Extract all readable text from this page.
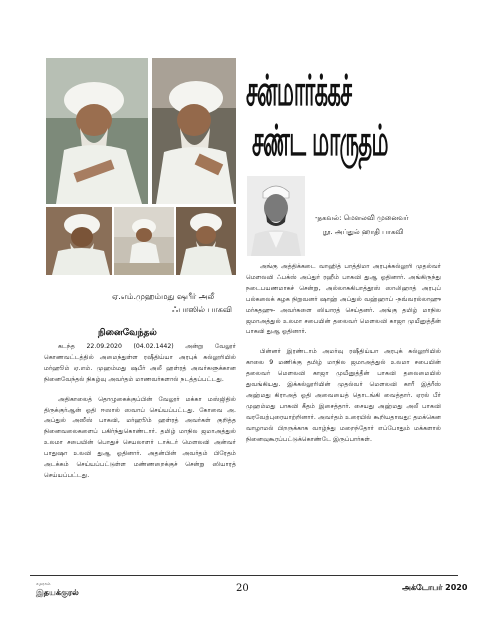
சன்மார்க்கச்
சண்ட மாருதம்
-தகவல்: மௌலவி முனைவர்
நூ. அப்துல் ஹாதி பாகவி
ஏ.எம்.முஹம்மது ஷபீர் அலீ
ஃபாஸில் பாகவி
நினைவேந்தல்

கடந்த 22.09.2020 (04.02.1442) அன்று வேலூர் கொணவட்டத்தில் அமைந்துள்ள ரஷீதிய்யா அரபுக் கல்லூரியில் மர்ஹூம் ஏ.எம். முஹம்மது ஷபீர் அலீ ஹள்ரத் அவர்களுக்கான நினைவேந்தல் நிகழ்வு அவர்தம் மாணவர்களால் நடத்தப்பட்டது.

அதிகாலைத் தொழுகைக்குப்பின் வேலூர் மக்கா மஸ்ஜிதில் திருக்குர்ஆன் ஓதி ஈஸால் ஸவாப் செய்யப்பட்டது. கோவை அ. அப்துல் அஸீஸ் பாகவி, மர்ஹூம் ஹள்ரத் அவர்கள் குறித்த நினைவலைகளைப் பகிர்ந்துகொண்டார். தமிழ் மாநில ஜமாஅத்துல் உலமா சபையின் பொதுச் செயலாளர் டாக்டர் மௌலவி அன்வர் பாதுஷா உலவி துஆ ஓதினார். அதன்பின் அவர்தம் பிரேதம் அடக்கம் செய்யப்பட்டுள்ள மண்ணறைக்குச் சென்று ஸியாரத் செய்யப்பட்டது.

அங்கு அத்திக்கடை வாஹித் பாத்திமா அரபுக்கல்லூரி முதல்வர் மௌலவி ஃபக்ஸ் அப்துர் ரஹீம் பாகவி துஆ ஓதினார். அங்கிருந்து நடைபயணமாகச் சென்று, அல்லாசுகிபாத்தூஸ் ஸாலிஹாத் அரபுப் பல்கலைக் கழக நிறுவனர் ஷாஹ் அப்துல் வஹ்ஹாப் -நவ்வரல்லாஹு மர்கதஹு- அவர்களை ஸியாரத் செய்தனர். அங்கு தமிழ் மாநில ஜமாஅத்துல் உலமா சபையின் தலைவர் மௌலவி காஜா முயீனுத்தீன் பாகவி துஆ ஓதினார்.

பின்னர் இரண்டாம் அமர்வு ரஷீதிய்யா அரபுக் கல்லூரியில் காலை 9 மணிக்கு தமிழ் மாநில ஜமாஅத்துல் உலமா சபையின் தலைவர் மௌலவி காஜா முயீனுத்தீன் பாகவி தலைமையில் துவங்கியது. இக்கல்லூரியின் முதல்வர் மௌலவி காரீ இத்ரீஸ் அஹ்மது கிராஅத் ஓதி அவையைத் தொடங்கி வைத்தார். ஏரல் பீர் முஹம்மது பாகவி கீதம் இசைத்தார். சையது அஹ்மது அலீ பாகவி வரவேற்புரையாற்றினார். அவர்தம் உரையில் கூறியதாவது: தமக்கென வாழாமல் பிறருக்காக வாழ்ந்து மறைந்தோர் எப்போதும் மக்களால் நினைவுகூரப்பட்டுக்கொண்டே இருப்பார்கள்.

சமரசம்
இதயக்குரல்	20	அக்டோபர் 2020
